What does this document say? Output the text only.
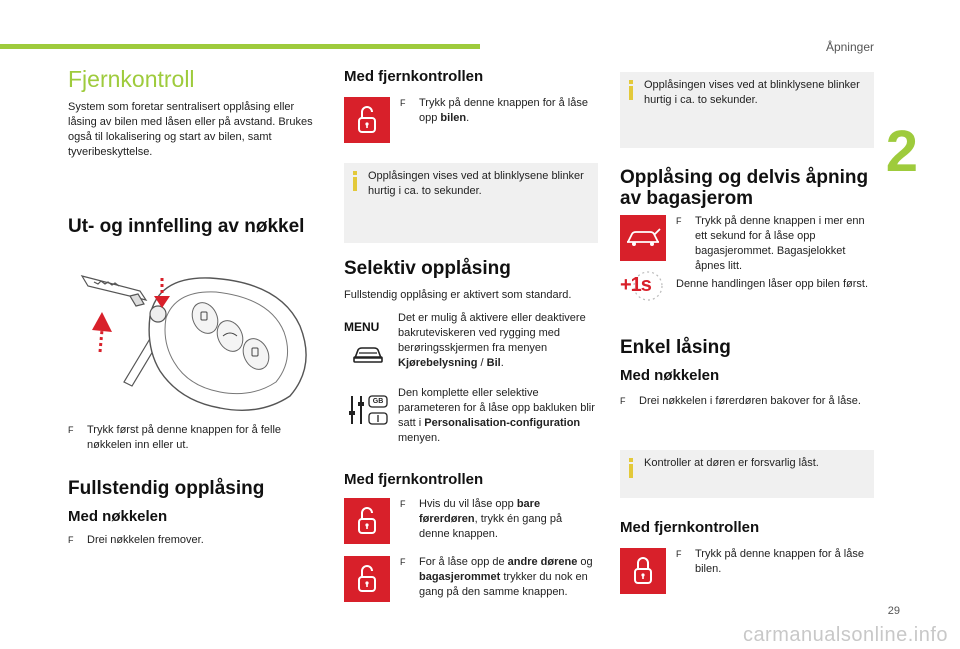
Åpninger
2
Fjernkontroll
System som foretar sentralisert opplåsing eller låsing av bilen med låsen eller på avstand. Brukes også til lokalisering og start av bilen, samt tyveribeskyttelse.
Ut- og innfelling av nøkkel
F	Trykk først på denne knappen for å felle nøkkelen inn eller ut.
Fullstendig opplåsing
Med nøkkelen
F	Drei nøkkelen fremover.
Med fjernkontrollen
F	Trykk på denne knappen for å låse opp bilen.
Opplåsingen vises ved at blinklysene blinker hurtig i ca. to sekunder.
Selektiv opplåsing
Fullstendig opplåsing er aktivert som standard.
MENU
Det er mulig å aktivere eller deaktivere bakruteviskeren ved rygging med berøringsskjermen fra menyen Kjørebelysning / Bil.
GB
Den komplette eller selektive parameteren for å låse opp bakluken blir satt i Personalisation-configuration menyen.
Med fjernkontrollen
F	Hvis du vil låse opp bare førerdøren, trykk én gang på denne knappen.
F	For å låse opp de andre dørene og bagasjerommet trykker du nok en gang på den samme knappen.
Opplåsingen vises ved at blinklysene blinker hurtig i ca. to sekunder.
Opplåsing og delvis åpning av bagasjerom
F	Trykk på denne knappen i mer enn ett sekund for å låse opp bagasjerommet. Bagasjelokket åpnes litt.
+1s Denne handlingen låser opp bilen først.
Enkel låsing
Med nøkkelen
F	Drei nøkkelen i førerdøren bakover for å låse.
Kontroller at døren er forsvarlig låst.
Med fjernkontrollen
F	Trykk på denne knappen for å låse bilen.
29
carmanualsonline.info
